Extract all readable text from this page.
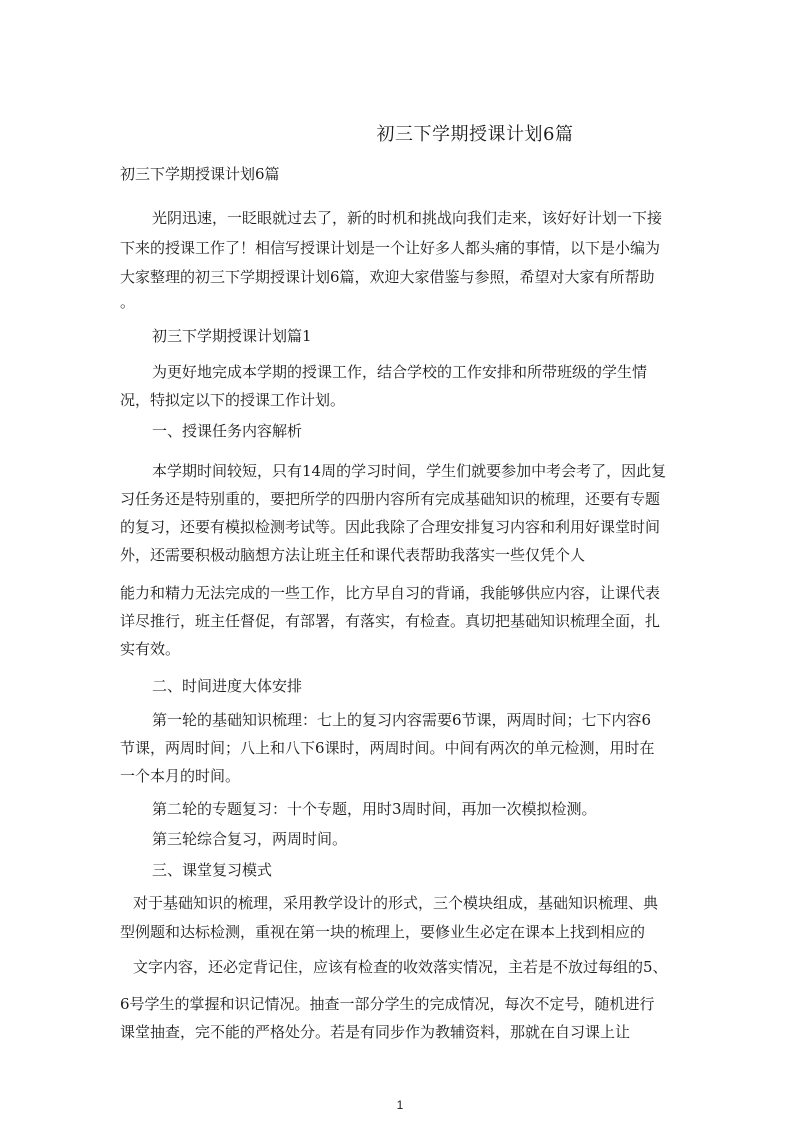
初三下学期授课计划6篇
初三下学期授课计划6篇
光阴迅速，一眨眼就过去了，新的时机和挑战向我们走来，该好好计划一下接
下来的授课工作了！相信写授课计划是一个让好多人都头痛的事情，以下是小编为
大家整理的初三下学期授课计划6篇，欢迎大家借鉴与参照，希望对大家有所帮助
。
初三下学期授课计划篇1
为更好地完成本学期的授课工作，结合学校的工作安排和所带班级的学生情
况，特拟定以下的授课工作计划。
一、授课任务内容解析
本学期时间较短，只有14周的学习时间，学生们就要参加中考会考了，因此复
习任务还是特别重的，要把所学的四册内容所有完成基础知识的梳理，还要有专题
的复习，还要有模拟检测考试等。因此我除了合理安排复习内容和利用好课堂时间
外，还需要积极动脑想方法让班主任和课代表帮助我落实一些仅凭个人
能力和精力无法完成的一些工作，比方早自习的背诵，我能够供应内容，让课代表
详尽推行，班主任督促，有部署，有落实，有检查。真切把基础知识梳理全面，扎
实有效。
二、时间进度大体安排
第一轮的基础知识梳理：七上的复习内容需要6节课，两周时间；七下内容6
节课，两周时间；八上和八下6课时，两周时间。中间有两次的单元检测，用时在
一个本月的时间。
第二轮的专题复习：十个专题，用时3周时间，再加一次模拟检测。
第三轮综合复习，两周时间。
三、课堂复习模式
对于基础知识的梳理，采用教学设计的形式，三个模块组成，基础知识梳理、典
型例题和达标检测，重视在第一块的梳理上，要修业生必定在课本上找到相应的
文字内容，还必定背记住，应该有检查的收效落实情况，主若是不放过每组的5、
6号学生的掌握和识记情况。抽查一部分学生的完成情况，每次不定号，随机进行
课堂抽查，完不能的严格处分。若是有同步作为教辅资料，那就在自习课上让
1
